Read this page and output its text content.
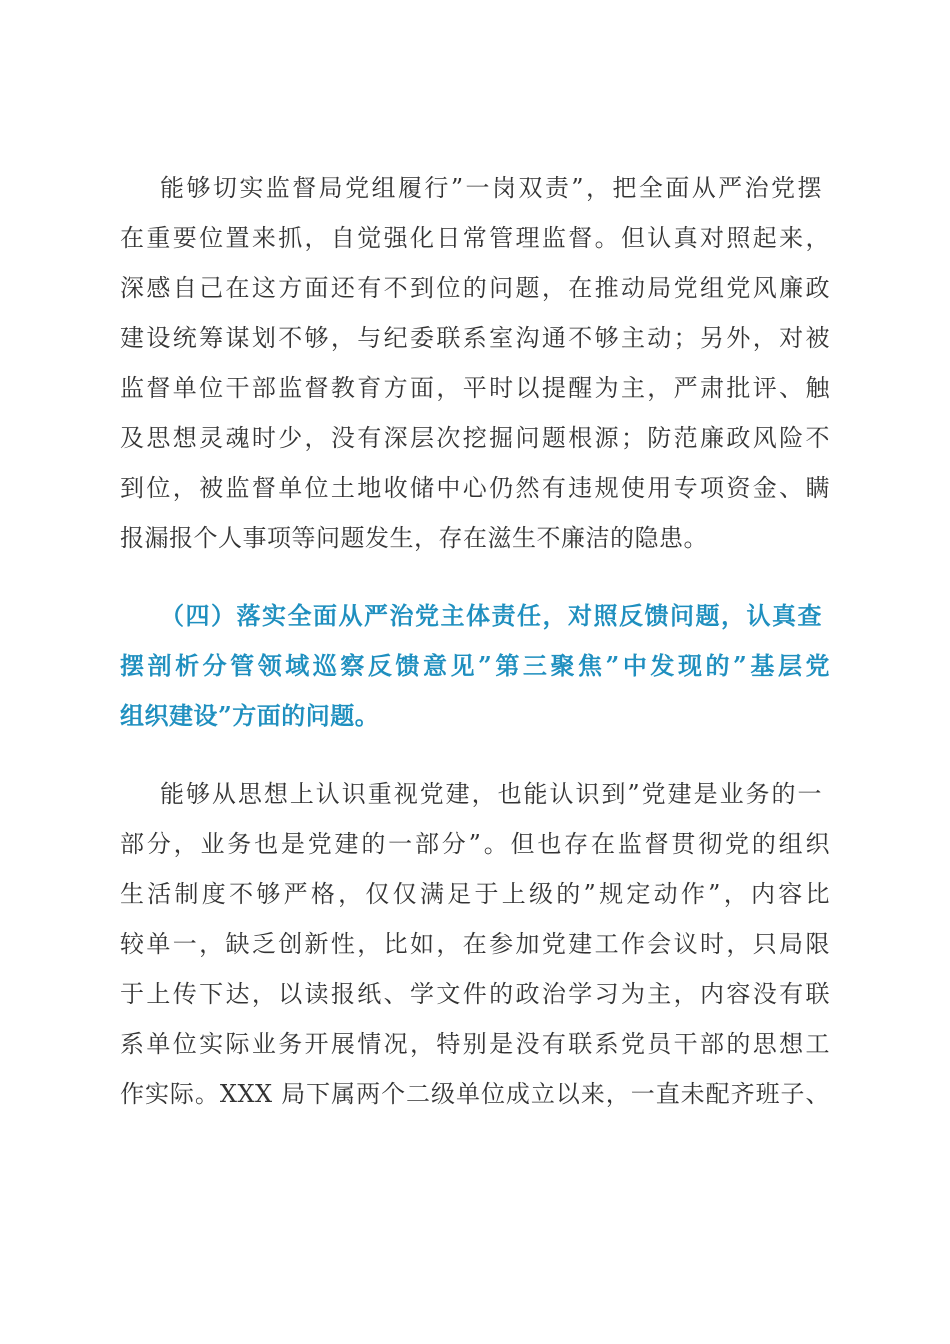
能够切实监督局党组履行”一岗双责”，把全面从严治党摆

在重要位置来抓，自觉强化日常管理监督。但认真对照起来，

深感自己在这方面还有不到位的问题，在推动局党组党风廉政

建设统筹谋划不够，与纪委联系室沟通不够主动；另外，对被

监督单位干部监督教育方面，平时以提醒为主，严肃批评、触

及思想灵魂时少，没有深层次挖掘问题根源；防范廉政风险不

到位，被监督单位土地收储中心仍然有违规使用专项资金、瞒

报漏报个人事项等问题发生，存在滋生不廉洁的隐患。

（四）落实全面从严治党主体责任，对照反馈问题，认真查

摆剖析分管领域巡察反馈意见”第三聚焦”中发现的”基层党

组织建设”方面的问题。

能够从思想上认识重视党建，也能认识到”党建是业务的一

部分，业务也是党建的一部分”。但也存在监督贯彻党的组织

生活制度不够严格，仅仅满足于上级的”规定动作”，内容比

较单一，缺乏创新性，比如，在参加党建工作会议时，只局限

于上传下达，以读报纸、学文件的政治学习为主，内容没有联

系单位实际业务开展情况，特别是没有联系党员干部的思想工

作实际。XXX 局下属两个二级单位成立以来，一直未配齐班子、
